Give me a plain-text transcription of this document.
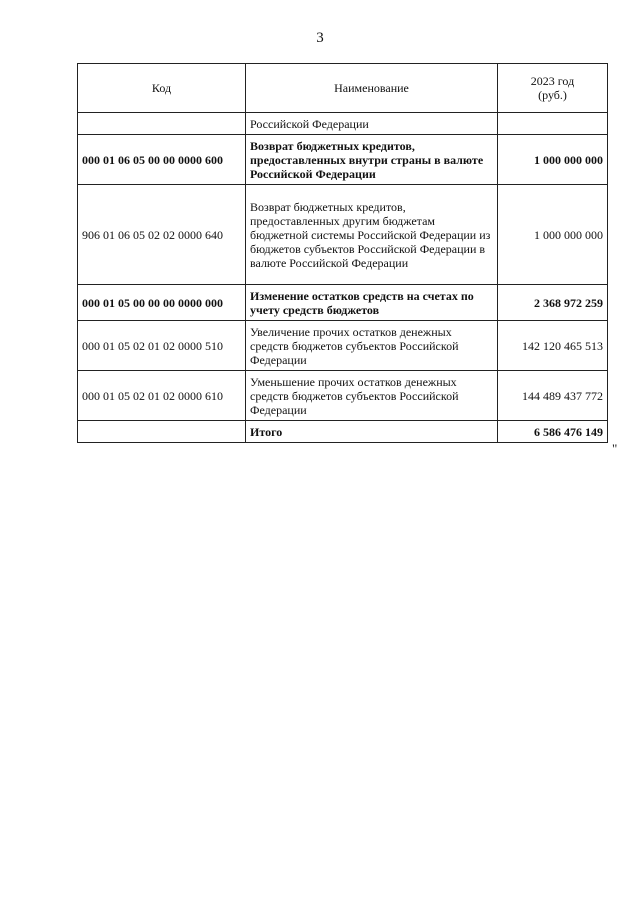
3
Код	Наименование	2023 год
(руб.)
	Российской Федерации	
000 01 06 05 00 00 0000 600	Возврат бюджетных кредитов, предоставленных внутри страны в валюте Российской Федерации	1 000 000 000
906 01 06 05 02 02 0000 640	Возврат бюджетных кредитов, предоставленных другим бюджетам бюджетной системы Российской Федерации из бюджетов субъектов Российской Федерации в валюте Российской Федерации	1 000 000 000
000 01 05 00 00 00 0000 000	Изменение остатков средств на счетах по учету средств бюджетов	2 368 972 259
000 01 05 02 01 02 0000 510	Увеличение прочих остатков денежных средств бюджетов субъектов Российской Федерации	142 120 465 513
000 01 05 02 01 02 0000 610	Уменьшение прочих остатков денежных средств бюджетов субъектов Российской Федерации	144 489 437 772
	Итого	6 586 476 149
"
